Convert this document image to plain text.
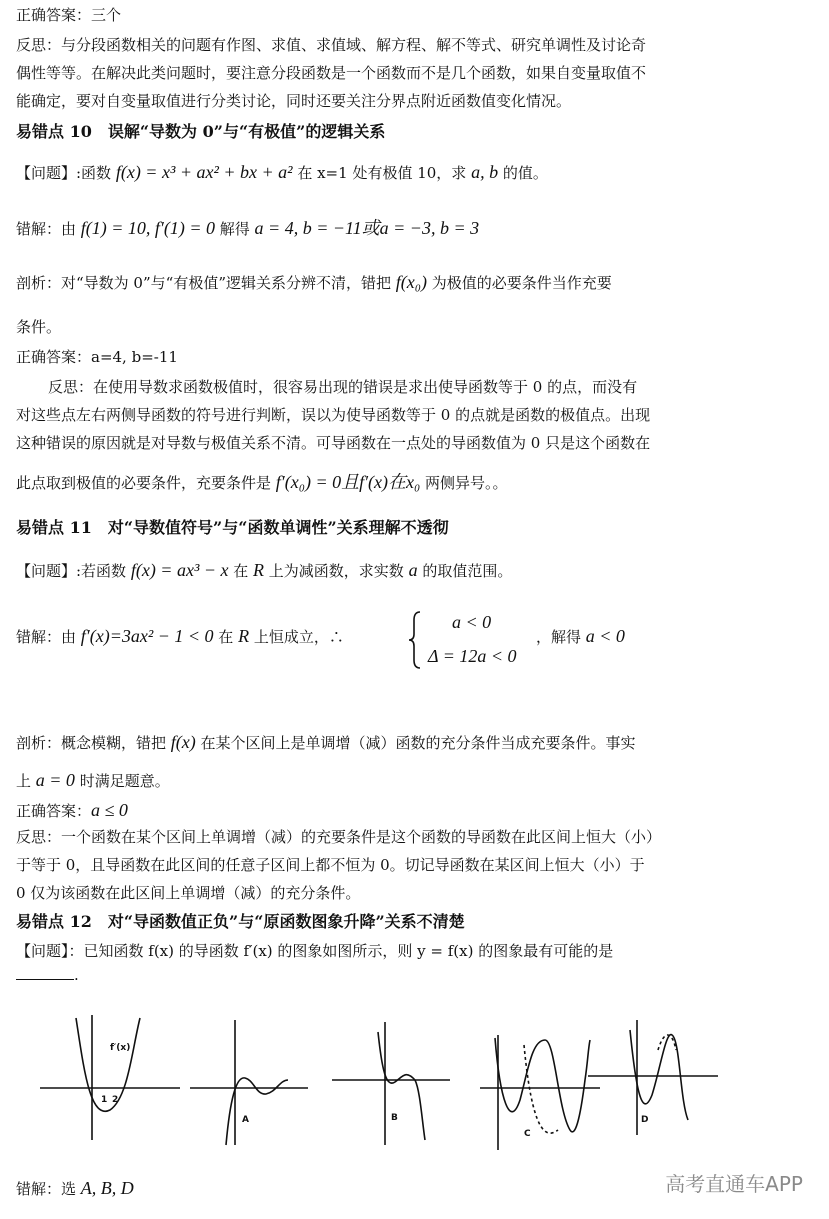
正确答案：三个
反思：与分段函数相关的问题有作图、求值、求值域、解方程、解不等式、研究单调性及讨论奇
偶性等等。在解决此类问题时，要注意分段函数是一个函数而不是几个函数，如果自变量取值不
能确定，要对自变量取值进行分类讨论，同时还要关注分界点附近函数值变化情况。
易错点 10　误解“导数为 0”与“有极值”的逻辑关系
【问题】:函数 f(x) = x³ + ax² + bx + a² 在 x=1 处有极值 10，求 a, b 的值。
错解：由 f(1) = 10, f′(1) = 0 解得 a = 4, b = −11或a = −3, b = 3
剖析：对“导数为 0”与“有极值”逻辑关系分辨不清，错把 f(x₀) 为极值的必要条件当作充要
条件。
正确答案：a=4, b=-11
反思：在使用导数求函数极值时，很容易出现的错误是求出使导函数等于 0 的点，而没有
对这些点左右两侧导函数的符号进行判断，误以为使导函数等于 0 的点就是函数的极值点。出现
这种错误的原因就是对导数与极值关系不清。可导函数在一点处的导函数值为 0 只是这个函数在
此点取到极值的必要条件，充要条件是 f′(x₀) = 0且f′(x)在x₀ 两侧异号。。
易错点 11　对“导数值符号”与“函数单调性”关系理解不透彻
【问题】:若函数 f(x) = ax³ − x 在 R 上为减函数，求实数 a 的取值范围。
错解：由 f′(x)=3ax² − 1 < 0 在 R 上恒成立，∴
a < 0
Δ = 12a < 0
，解得 a < 0
剖析：概念模糊，错把 f(x) 在某个区间上是单调增（减）函数的充分条件当成充要条件。事实
上 a = 0 时满足题意。
正确答案：a ≤ 0
反思：一个函数在某个区间上单调增（减）的充要条件是这个函数的导函数在此区间上恒大（小）
于等于 0，且导函数在此区间的任意子区间上都不恒为 0。切记导函数在某区间上恒大（小）于
0 仅为该函数在此区间上单调增（减）的充分条件。
易错点 12　对“导函数值正负”与“原函数图象升降”关系不清楚
【问题】：已知函数 f(x) 的导函数 f′(x) 的图象如图所示，则 y = f(x) 的图象最有可能的是
.
f′(x)
1 2
A	B
C
D
错解：选 A, B, D	高考直通车APP
